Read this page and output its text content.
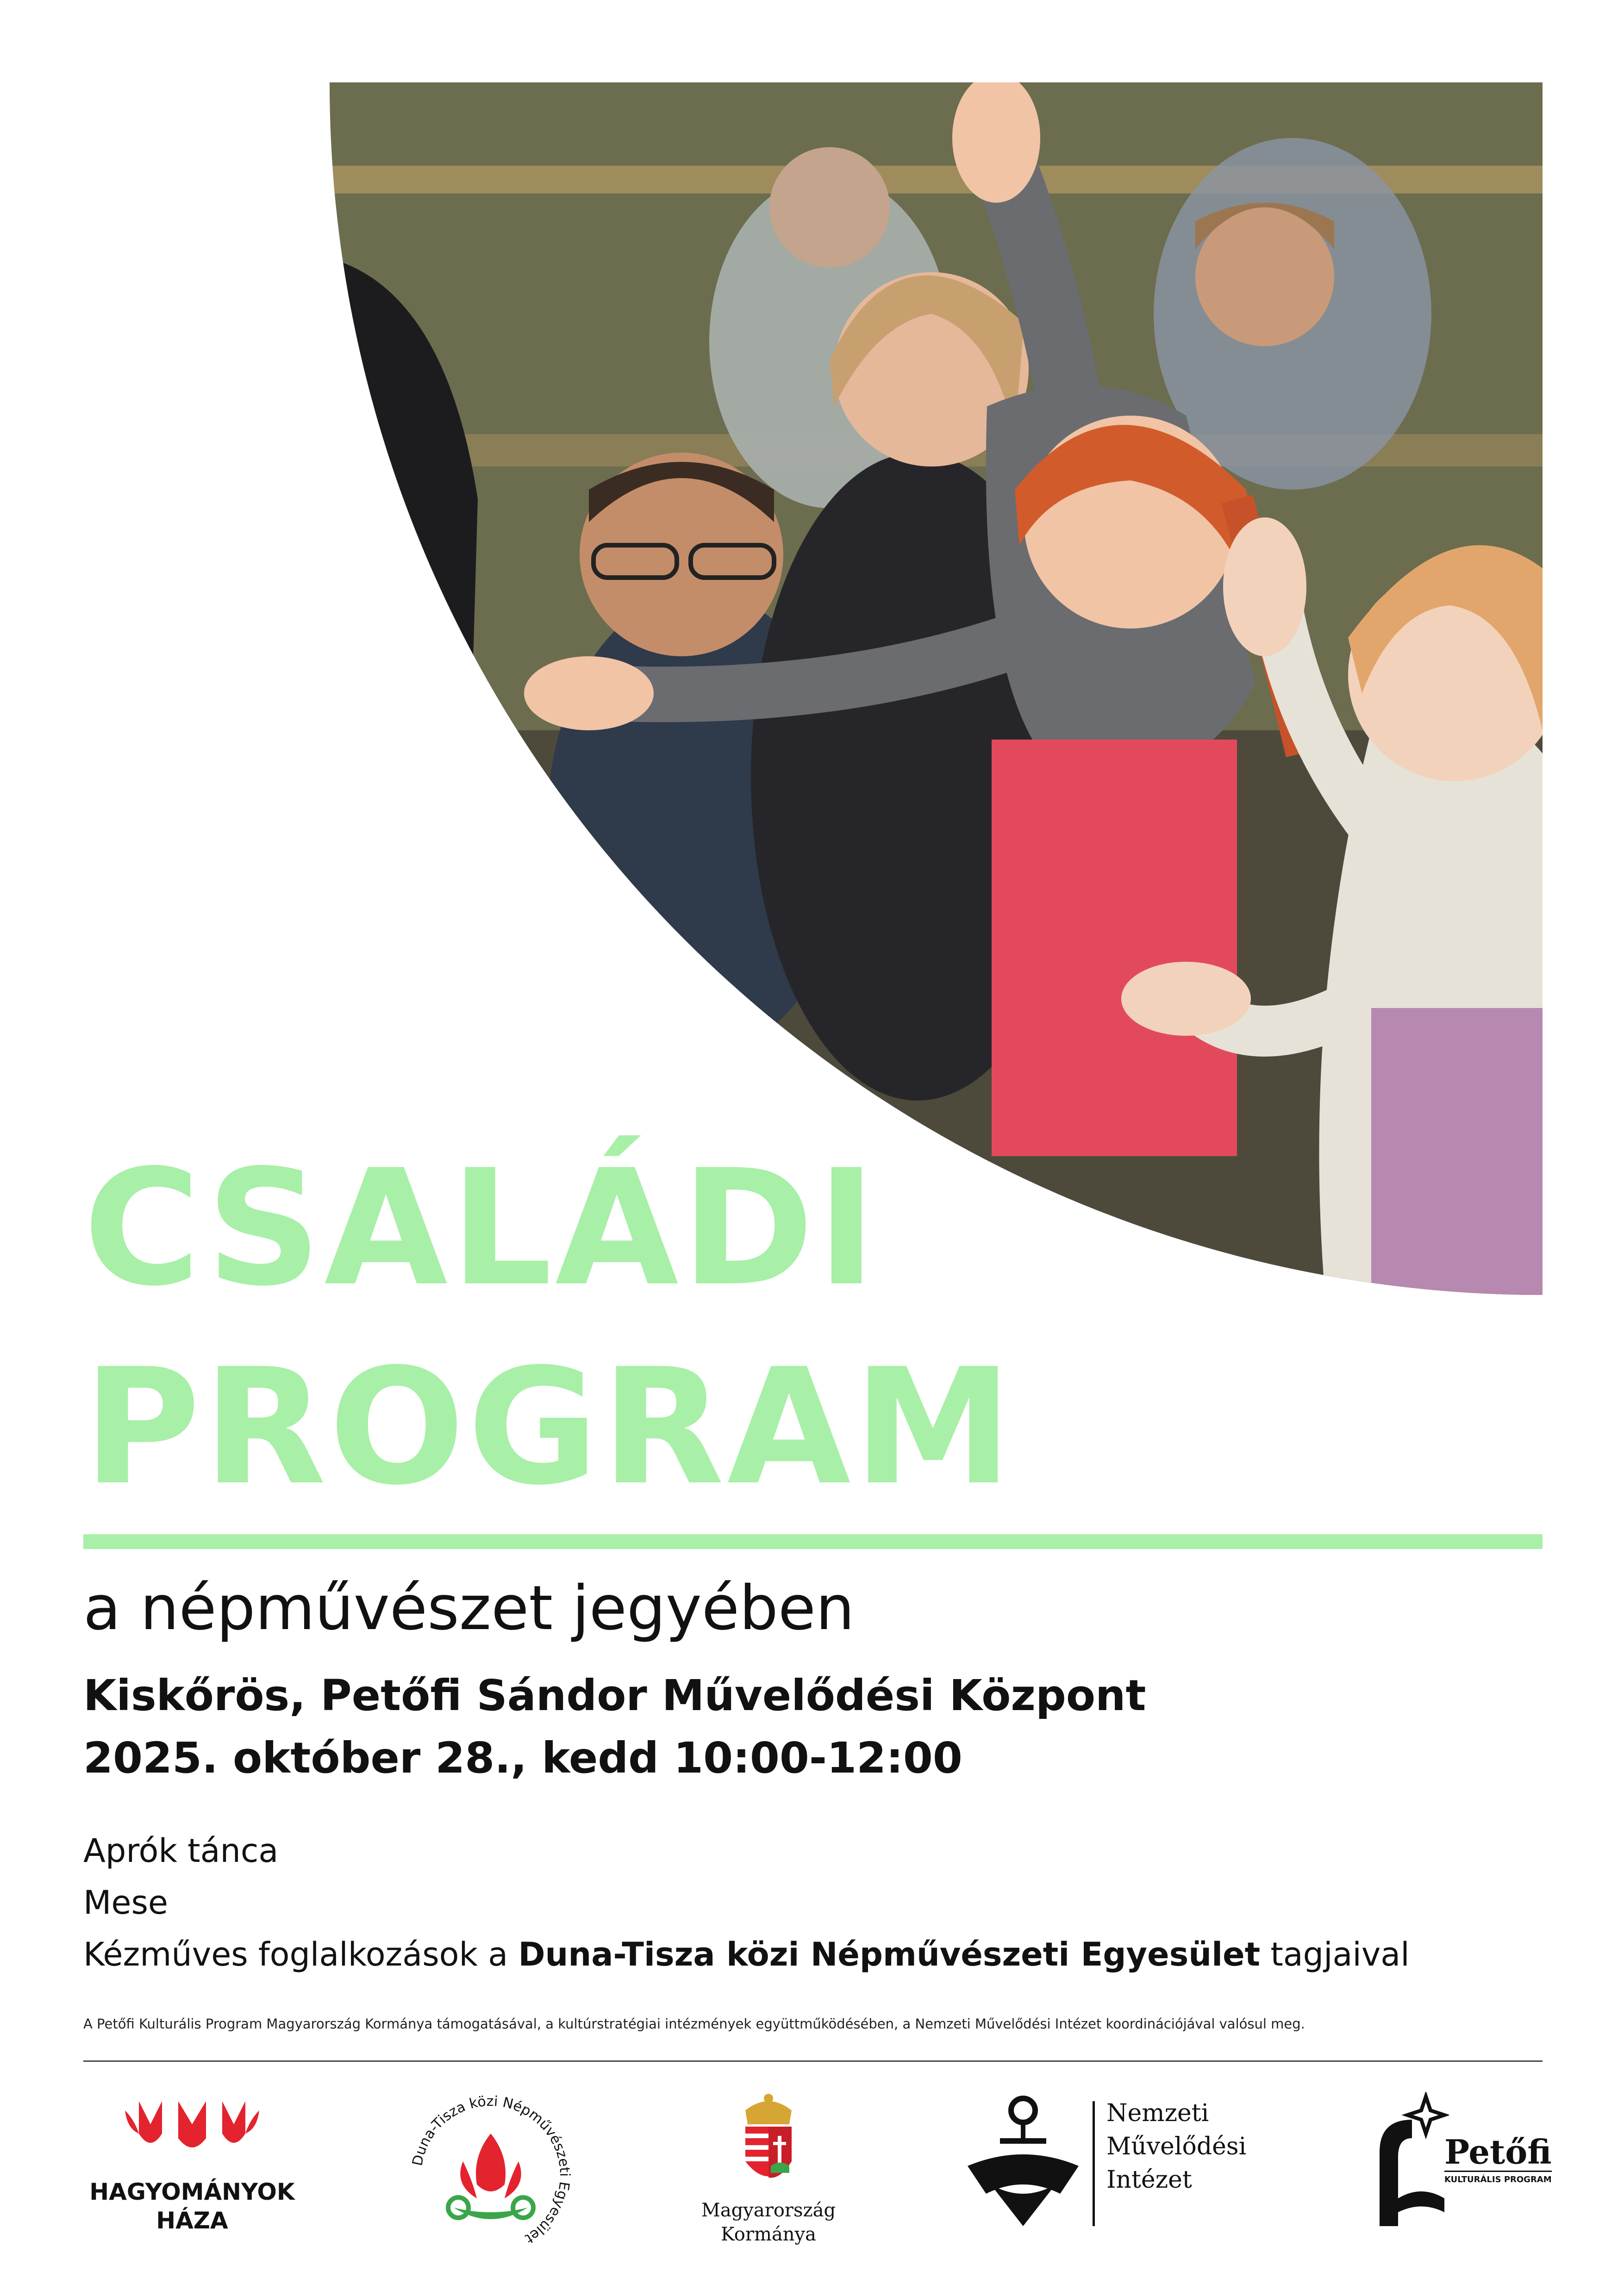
CSALÁDI
PROGRAM
a népművészet jegyében
Kiskőrös, Petőfi Sándor Művelődési Központ
2025. október 28., kedd 10:00-12:00
Aprók tánca
Mese
Kézműves foglalkozások a Duna-Tisza közi Népművészeti Egyesület tagjaival
A Petőfi Kulturális Program Magyarország Kormánya támogatásával, a kultúrstratégiai intézmények együttműködésében, a Nemzeti Művelődési Intézet koordinációjával valósul meg.
HAGYOMÁNYOK
HÁZA
Duna-Tisza közi Népművészeti Egyesület
Magyarország
Kormánya
Nemzeti
Művelődési
Intézet
Petőfi
KULTURÁLIS PROGRAM
